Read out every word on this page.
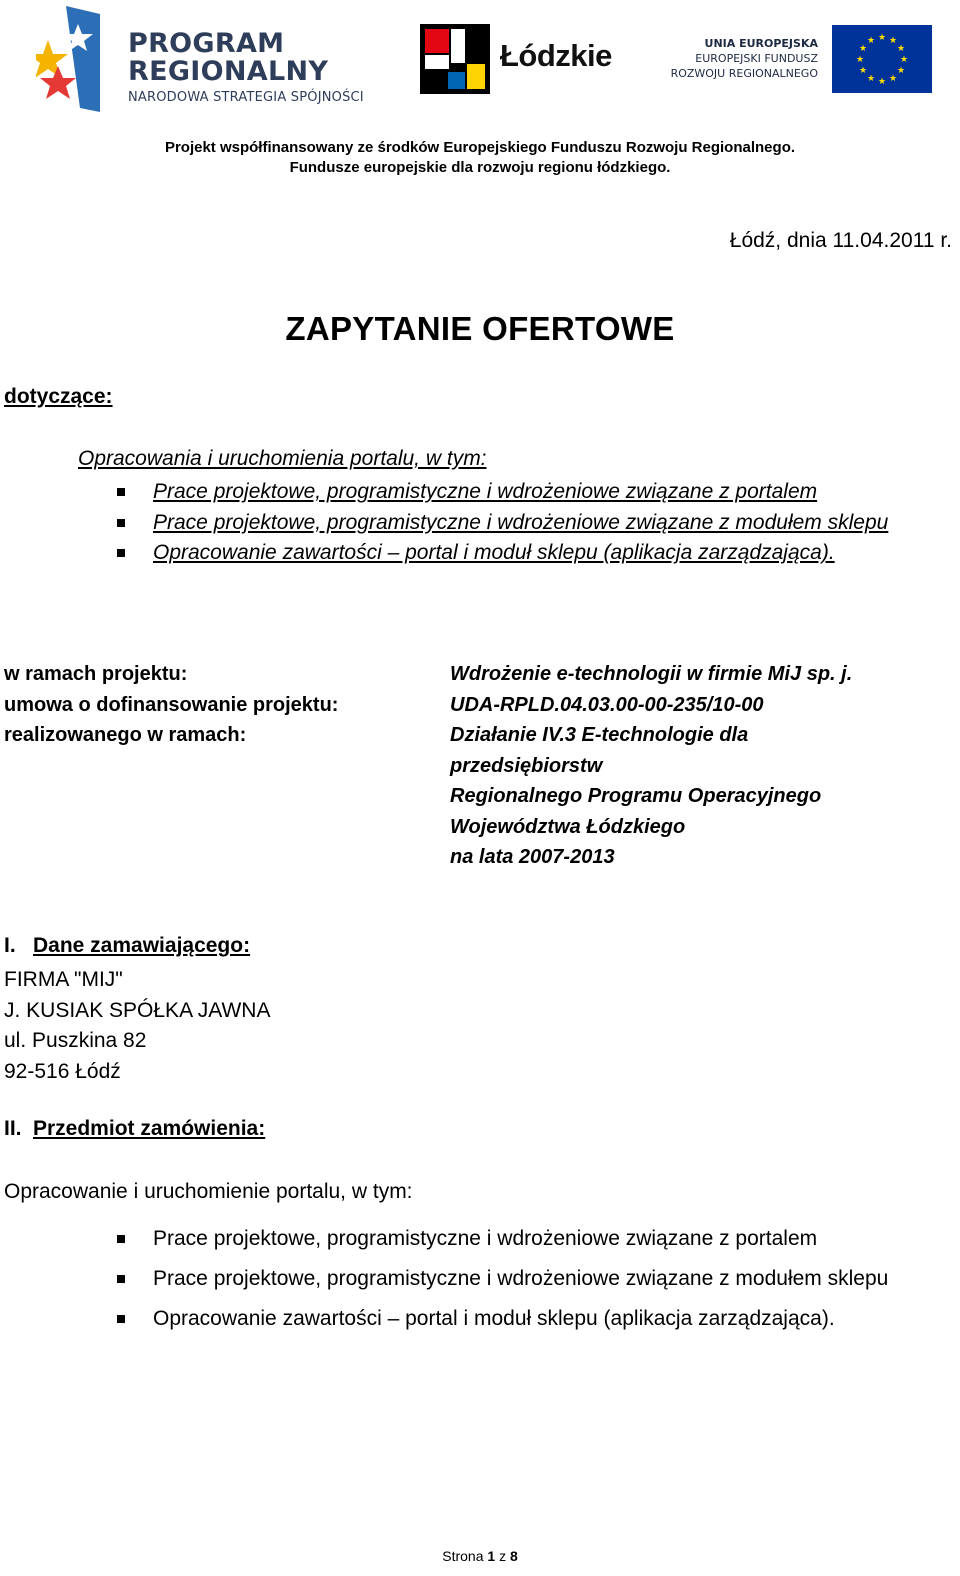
PROGRAM
REGIONALNY
NARODOWA STRATEGIA SPÓJNOŚCI
Łódzkie	UNIA EUROPEJSKA
EUROPEJSKI FUNDUSZ
ROZWOJU REGIONALNEGO
★ ★
★
★
★
★
★
★
★
★
★
★
Projekt współfinansowany ze środków Europejskiego Funduszu Rozwoju Regionalnego.
Fundusze europejskie dla rozwoju regionu łódzkiego.
Łódź, dnia 11.04.2011 r.
ZAPYTANIE OFERTOWE
dotyczące:
Opracowania i uruchomienia portalu, w tym:
Prace projektowe, programistyczne i wdrożeniowe związane z portalem
Prace projektowe, programistyczne i wdrożeniowe związane z modułem sklepu
Opracowanie zawartości – portal i moduł sklepu (aplikacja zarządzająca).
w ramach projektu:
umowa o dofinansowanie projektu:
realizowanego w ramach:
Wdrożenie e-technologii w firmie MiJ sp. j.
UDA-RPLD.04.03.00-00-235/10-00
Działanie IV.3 E-technologie dla
przedsiębiorstw
Regionalnego Programu Operacyjnego
Województwa Łódzkiego
na lata 2007-2013
I. Dane zamawiającego:
FIRMA "MIJ"
J. KUSIAK SPÓŁKA JAWNA
ul. Puszkina 82
92-516 Łódź
II. Przedmiot zamówienia:
Opracowanie i uruchomienie portalu, w tym:
Prace projektowe, programistyczne i wdrożeniowe związane z portalem
Prace projektowe, programistyczne i wdrożeniowe związane z modułem sklepu
Opracowanie zawartości – portal i moduł sklepu (aplikacja zarządzająca).
Strona 1 z 8
